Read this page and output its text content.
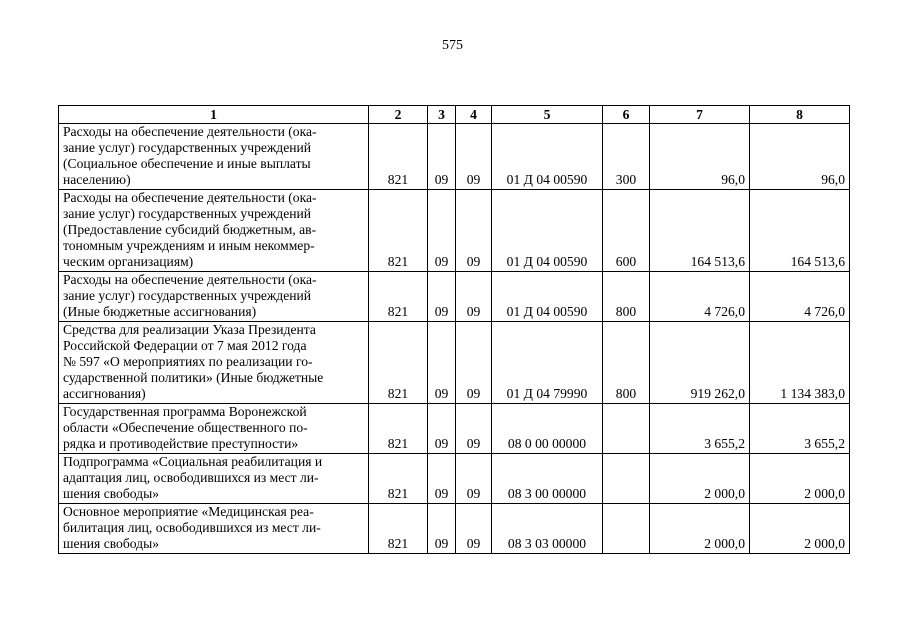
575
1	2	3	4	5	6	7	8

Расходы на обеспечение деятельности (ока-
зание услуг) государственных учреждений
(Социальное обеспечение и иные выплаты
населению)	821	09	09	01 Д 04 00590	300	96,0	96,0

Расходы на обеспечение деятельности (ока-
зание услуг) государственных учреждений
(Предоставление субсидий бюджетным, ав-
тономным учреждениям и иным некоммер-
ческим организациям)	821	09	09	01 Д 04 00590	600	164 513,6	164 513,6

Расходы на обеспечение деятельности (ока-
зание услуг) государственных учреждений
(Иные бюджетные ассигнования)	821	09	09	01 Д 04 00590	800	4 726,0	4 726,0

Средства для реализации Указа Президента
Российской Федерации от 7 мая 2012 года
№ 597 «О мероприятиях по реализации го-
сударственной политики» (Иные бюджетные
ассигнования)	821	09	09	01 Д 04 79990	800	919 262,0	1 134 383,0

Государственная программа Воронежской
области «Обеспечение общественного по-
рядка и противодействие преступности»	821	09	09	08 0 00 00000		3 655,2	3 655,2

Подпрограмма «Социальная реабилитация и
адаптация лиц, освободившихся из мест ли-
шения свободы»	821	09	09	08 3 00 00000		2 000,0	2 000,0

Основное мероприятие «Медицинская реа-
билитация лиц, освободившихся из мест ли-
шения свободы»	821	09	09	08 3 03 00000		2 000,0	2 000,0
